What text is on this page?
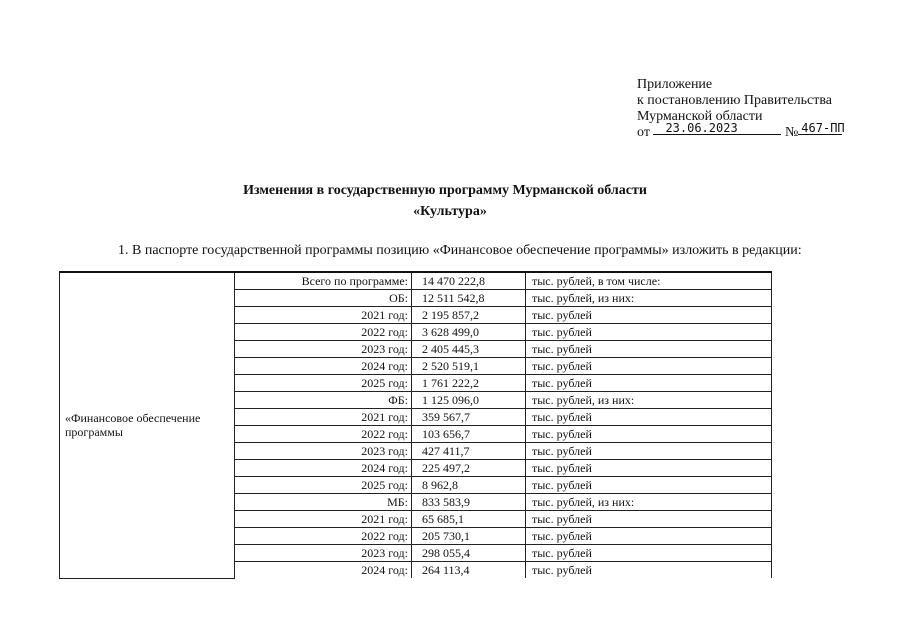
Приложение
к постановлению Правительства
Мурманской области
от 23.06.2023	№ 467-ПП
Изменения в государственную программу Мурманской области
«Культура»
1. В паспорте государственной программы позицию «Финансовое обеспечение программы» изложить в редакции:
«Финансовое обеспечение программы	Всего по программе:	14 470 222,8	тыс. рублей, в том числе:
	ОБ:	12 511 542,8	тыс. рублей, из них:
	2021 год:	2 195 857,2	тыс. рублей
	2022 год:	3 628 499,0	тыс. рублей
	2023 год:	2 405 445,3	тыс. рублей
	2024 год:	2 520 519,1	тыс. рублей
	2025 год:	1 761 222,2	тыс. рублей
	ФБ:	1 125 096,0	тыс. рублей, из них:
	2021 год:	359 567,7	тыс. рублей
	2022 год:	103 656,7	тыс. рублей
	2023 год:	427 411,7	тыс. рублей
	2024 год:	225 497,2	тыс. рублей
	2025 год:	8 962,8	тыс. рублей
	МБ:	833 583,9	тыс. рублей, из них:
	2021 год:	65 685,1	тыс. рублей
	2022 год:	205 730,1	тыс. рублей
	2023 год:	298 055,4	тыс. рублей
	2024 год:	264 113,4	тыс. рублей
